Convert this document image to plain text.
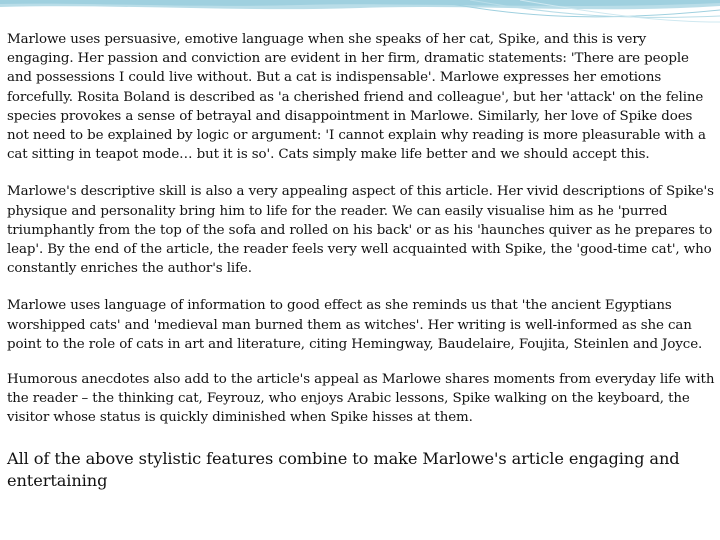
Marlowe uses persuasive, emotive language when she speaks of her cat, Spike, and this is very engaging. Her passion and conviction are evident in her firm, dramatic statements: 'There are people and possessions I could live without. But a cat is indispensable'. Marlowe expresses her emotions forcefully. Rosita Boland is described as 'a cherished friend and colleague', but her 'attack' on the feline species provokes a sense of betrayal and disappointment in Marlowe. Similarly, her love of Spike does not need to be explained by logic or argument: 'I cannot explain why reading is more pleasurable with a cat sitting in teapot mode… but it is so'. Cats simply make life better and we should accept this.

Marlowe's descriptive skill is also a very appealing aspect of this article. Her vivid descriptions of Spike's physique and personality bring him to life for the reader. We can easily visualise him as he 'purred triumphantly from the top of the sofa and rolled on his back' or as his 'haunches quiver as he prepares to leap'. By the end of the article, the reader feels very well acquainted with Spike, the 'good-time cat', who constantly enriches the author's life.

Marlowe uses language of information to good effect as she reminds us that 'the ancient Egyptians worshipped cats' and 'medieval man burned them as witches'. Her writing is well-informed as she can point to the role of cats in art and literature, citing Hemingway, Baudelaire, Foujita, Steinlen and Joyce.

Humorous anecdotes also add to the article's appeal as Marlowe shares moments from everyday life with the reader – the thinking cat, Feyrouz, who enjoys Arabic lessons, Spike walking on the keyboard, the visitor whose status is quickly diminished when Spike hisses at them.

All of the above stylistic features combine to make Marlowe's article engaging and entertaining
